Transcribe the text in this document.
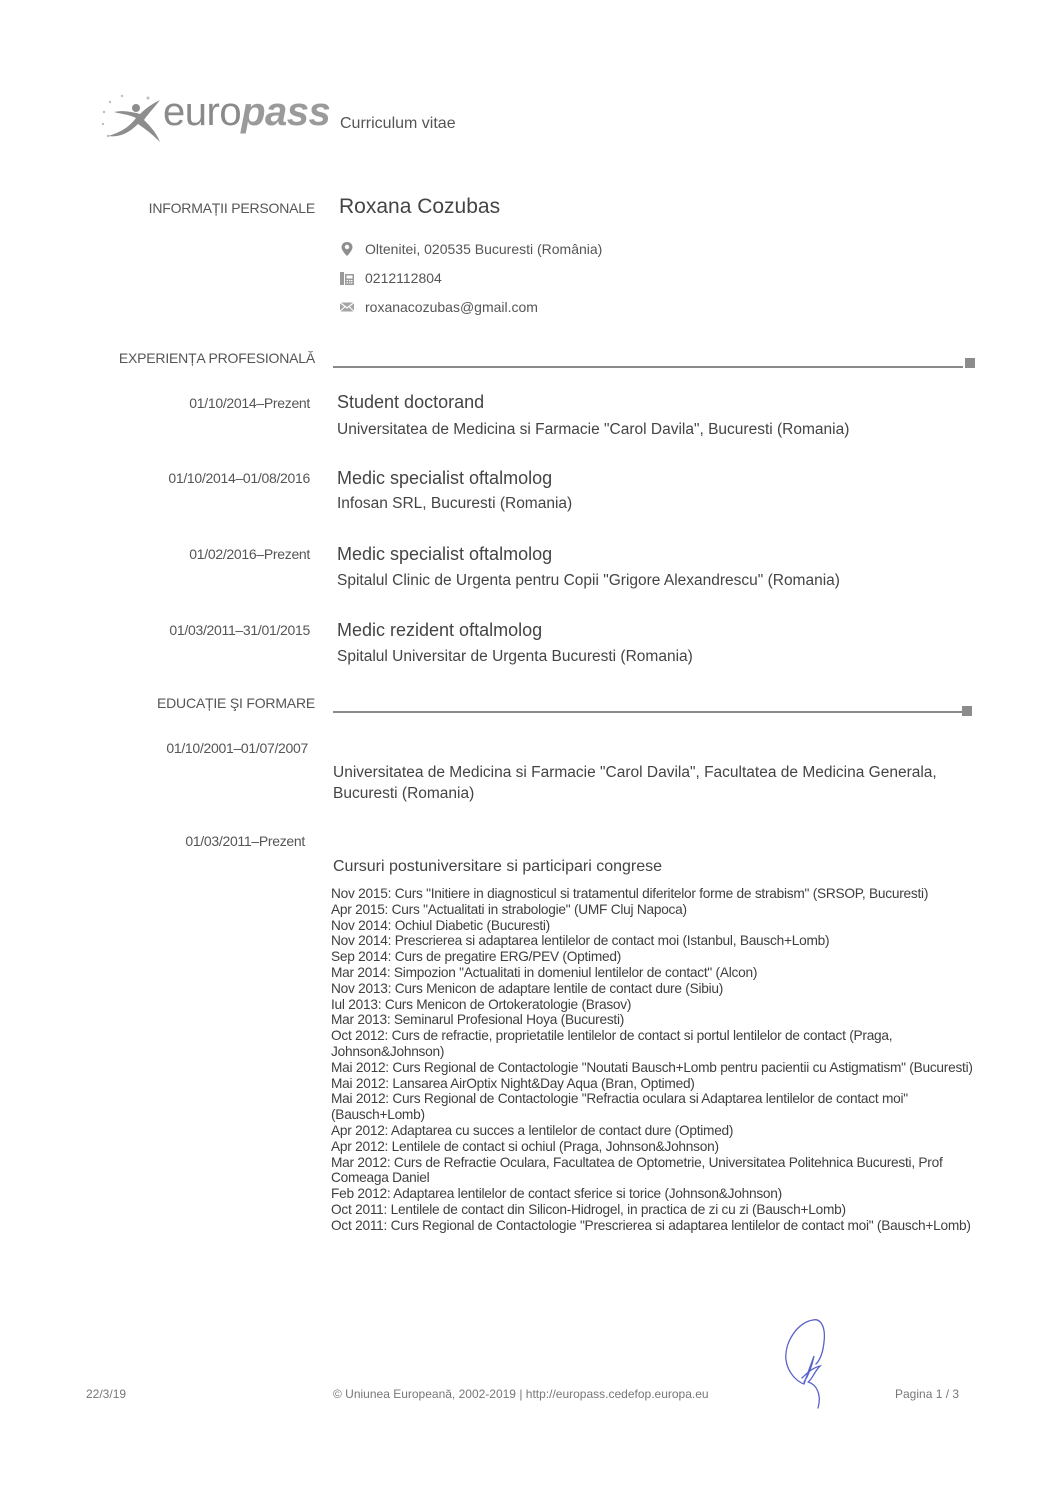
europass Curriculum vitae
INFORMAȚII PERSONALE Roxana Cozubas
Oltenitei, 020535 Bucuresti (România)
0212112804
roxanacozubas@gmail.com
EXPERIENȚA PROFESIONALĂ
01/10/2014–Prezent Student doctorand
Universitatea de Medicina si Farmacie "Carol Davila", Bucuresti (Romania)
01/10/2014–01/08/2016 Medic specialist oftalmolog
Infosan SRL, Bucuresti (Romania)
01/02/2016–Prezent Medic specialist oftalmolog
Spitalul Clinic de Urgenta pentru Copii "Grigore Alexandrescu" (Romania)
01/03/2011–31/01/2015 Medic rezident oftalmolog
Spitalul Universitar de Urgenta Bucuresti (Romania)
EDUCAȚIE ŞI FORMARE
01/10/2001–01/07/2007
Universitatea de Medicina si Farmacie "Carol Davila", Facultatea de Medicina Generala, Bucuresti (Romania)
01/03/2011–Prezent
Cursuri postuniversitare si participari congrese
Nov 2015: Curs "Initiere in diagnosticul si tratamentul diferitelor forme de strabism" (SRSOP, Bucuresti)
Apr 2015: Curs "Actualitati in strabologie" (UMF Cluj Napoca)
Nov 2014: Ochiul Diabetic (Bucuresti)
Nov 2014: Prescrierea si adaptarea lentilelor de contact moi (Istanbul, Bausch+Lomb)
Sep 2014: Curs de pregatire ERG/PEV (Optimed)
Mar 2014: Simpozion "Actualitati in domeniul lentilelor de contact" (Alcon)
Nov 2013: Curs Menicon de adaptare lentile de contact dure (Sibiu)
Iul 2013: Curs Menicon de Ortokeratologie (Brasov)
Mar 2013: Seminarul Profesional Hoya (Bucuresti)
Oct 2012: Curs de refractie, proprietatile lentilelor de contact si portul lentilelor de contact (Praga, Johnson&Johnson)
Mai 2012: Curs Regional de Contactologie "Noutati Bausch+Lomb pentru pacientii cu Astigmatism" (Bucuresti)
Mai 2012: Lansarea AirOptix Night&Day Aqua (Bran, Optimed)
Mai 2012: Curs Regional de Contactologie "Refractia oculara si Adaptarea lentilelor de contact moi" (Bausch+Lomb)
Apr 2012: Adaptarea cu succes a lentilelor de contact dure (Optimed)
Apr 2012: Lentilele de contact si ochiul (Praga, Johnson&Johnson)
Mar 2012: Curs de Refractie Oculara, Facultatea de Optometrie, Universitatea Politehnica Bucuresti, Prof Comeaga Daniel
Feb 2012: Adaptarea lentilelor de contact sferice si torice (Johnson&Johnson)
Oct 2011: Lentilele de contact din Silicon-Hidrogel, in practica de zi cu zi (Bausch+Lomb)
Oct 2011: Curs Regional de Contactologie "Prescrierea si adaptarea lentilelor de contact moi" (Bausch+Lomb)
22/3/19	© Uniunea Europeană, 2002-2019 | http://europass.cedefop.europa.eu	Pagina 1 / 3
